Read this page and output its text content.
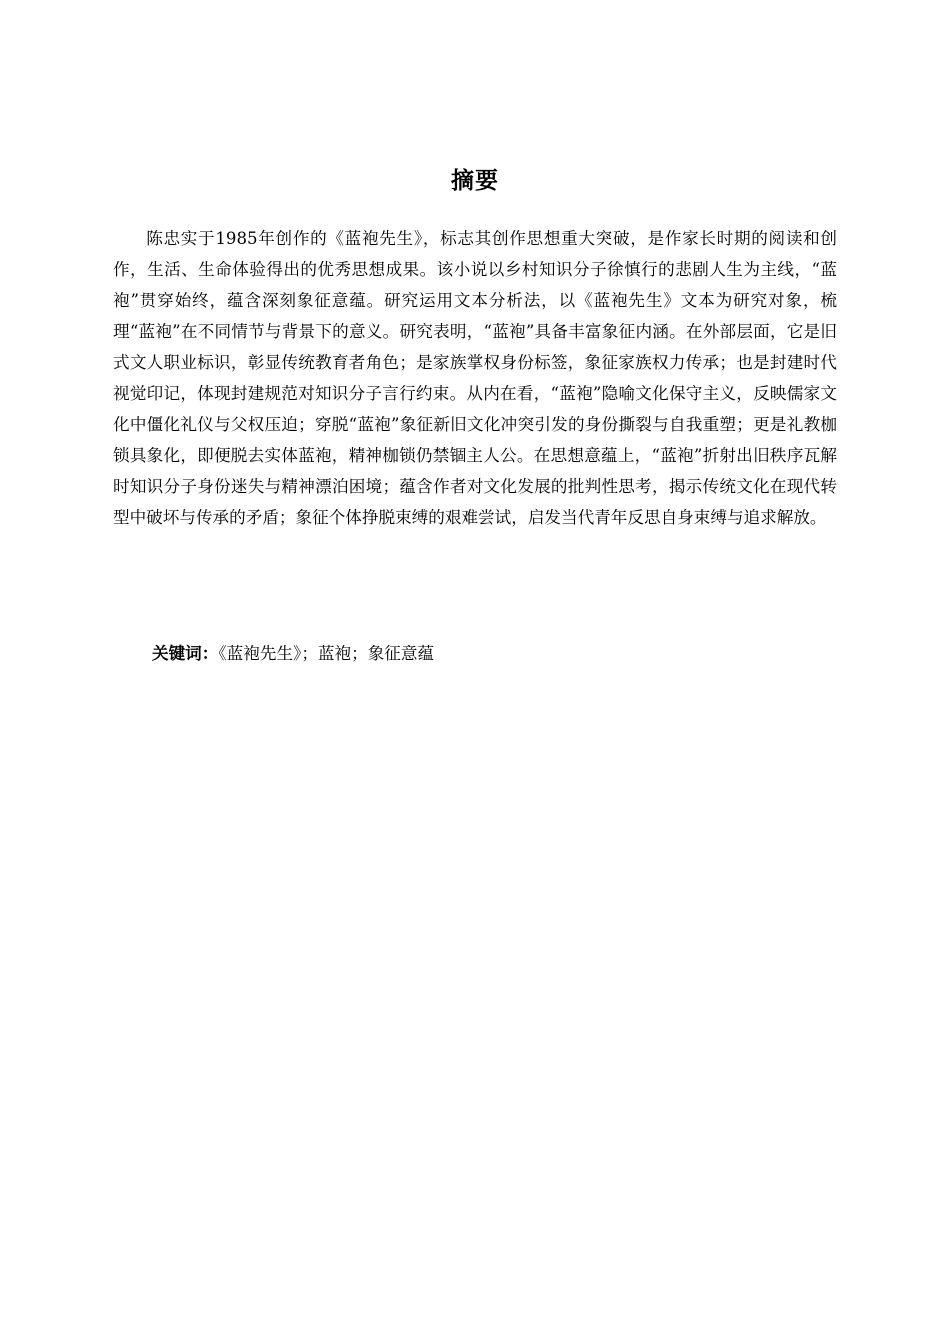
摘要

陈忠实于1985年创作的《蓝袍先生》，标志其创作思想重大突破，是作家长时期的阅读和创作，生活、生命体验得出的优秀思想成果。该小说以乡村知识分子徐慎行的悲剧人生为主线，“蓝袍”贯穿始终，蕴含深刻象征意蕴。研究运用文本分析法，以《蓝袍先生》文本为研究对象，梳理“蓝袍”在不同情节与背景下的意义。研究表明，“蓝袍”具备丰富象征内涵。在外部层面，它是旧式文人职业标识，彰显传统教育者角色；是家族掌权身份标签，象征家族权力传承；也是封建时代视觉印记，体现封建规范对知识分子言行约束。从内在看，“蓝袍”隐喻文化保守主义，反映儒家文化中僵化礼仪与父权压迫；穿脱“蓝袍”象征新旧文化冲突引发的身份撕裂与自我重塑；更是礼教枷锁具象化，即便脱去实体蓝袍，精神枷锁仍禁锢主人公。在思想意蕴上，“蓝袍”折射出旧秩序瓦解时知识分子身份迷失与精神漂泊困境；蕴含作者对文化发展的批判性思考，揭示传统文化在现代转型中破坏与传承的矛盾；象征个体挣脱束缚的艰难尝试，启发当代青年反思自身束缚与追求解放。

关键词：《蓝袍先生》；蓝袍；象征意蕴
